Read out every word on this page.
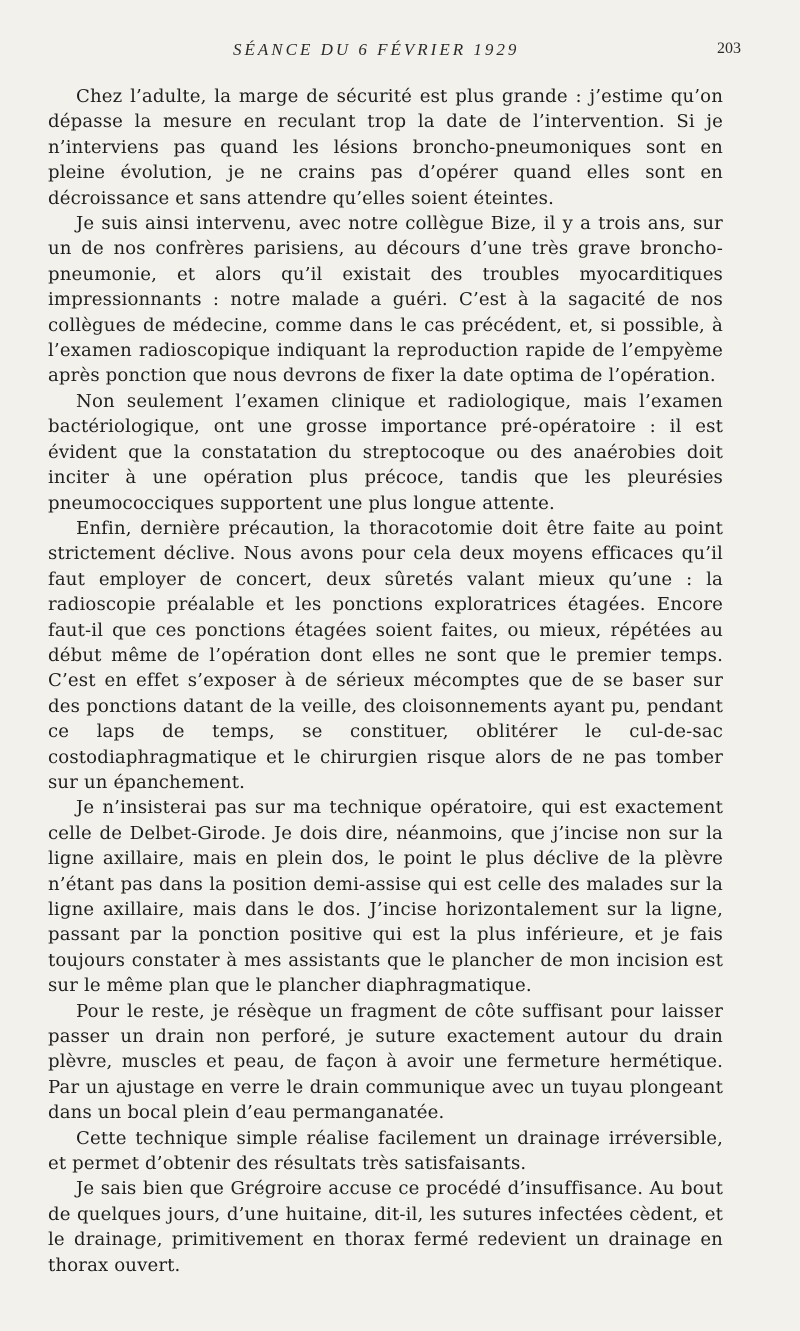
SÉANCE DU 6 FÉVRIER 1929	203

Chez l’adulte, la marge de sécurité est plus grande : j’estime qu’on dépasse la mesure en reculant trop la date de l’intervention. Si je n’interviens pas quand les lésions broncho-pneumoniques sont en pleine évolution, je ne crains pas d’opérer quand elles sont en décroissance et sans attendre qu’elles soient éteintes.

Je suis ainsi intervenu, avec notre collègue Bize, il y a trois ans, sur un de nos confrères parisiens, au décours d’une très grave broncho-pneumonie, et alors qu’il existait des troubles myocarditiques impressionnants : notre malade a guéri. C’est à la sagacité de nos collègues de médecine, comme dans le cas précédent, et, si possible, à l’examen radioscopique indiquant la reproduction rapide de l’empyème après ponction que nous devrons de fixer la date optima de l’opération.

Non seulement l’examen clinique et radiologique, mais l’examen bactériologique, ont une grosse importance pré-opératoire : il est évident que la constatation du streptocoque ou des anaérobies doit inciter à une opération plus précoce, tandis que les pleurésies pneumococciques supportent une plus longue attente.

Enfin, dernière précaution, la thoracotomie doit être faite au point strictement déclive. Nous avons pour cela deux moyens efficaces qu’il faut employer de concert, deux sûretés valant mieux qu’une : la radioscopie préalable et les ponctions exploratrices étagées. Encore faut-il que ces ponctions étagées soient faites, ou mieux, répétées au début même de l’opération dont elles ne sont que le premier temps. C’est en effet s’exposer à de sérieux mécomptes que de se baser sur des ponctions datant de la veille, des cloisonnements ayant pu, pendant ce laps de temps, se constituer, oblitérer le cul-de-sac costodiaphragmatique et le chirurgien risque alors de ne pas tomber sur un épanchement.

Je n’insisterai pas sur ma technique opératoire, qui est exactement celle de Delbet-Girode. Je dois dire, néanmoins, que j’incise non sur la ligne axillaire, mais en plein dos, le point le plus déclive de la plèvre n’étant pas dans la position demi-assise qui est celle des malades sur la ligne axillaire, mais dans le dos. J’incise horizontalement sur la ligne, passant par la ponction positive qui est la plus inférieure, et je fais toujours constater à mes assistants que le plancher de mon incision est sur le même plan que le plancher diaphragmatique.

Pour le reste, je résèque un fragment de côte suffisant pour laisser passer un drain non perforé, je suture exactement autour du drain plèvre, muscles et peau, de façon à avoir une fermeture hermétique. Par un ajustage en verre le drain communique avec un tuyau plongeant dans un bocal plein d’eau permanganatée.

Cette technique simple réalise facilement un drainage irréversible, et permet d’obtenir des résultats très satisfaisants.

Je sais bien que Grégroire accuse ce procédé d’insuffisance. Au bout de quelques jours, d’une huitaine, dit-il, les sutures infectées cèdent, et le drainage, primitivement en thorax fermé redevient un drainage en thorax ouvert.
